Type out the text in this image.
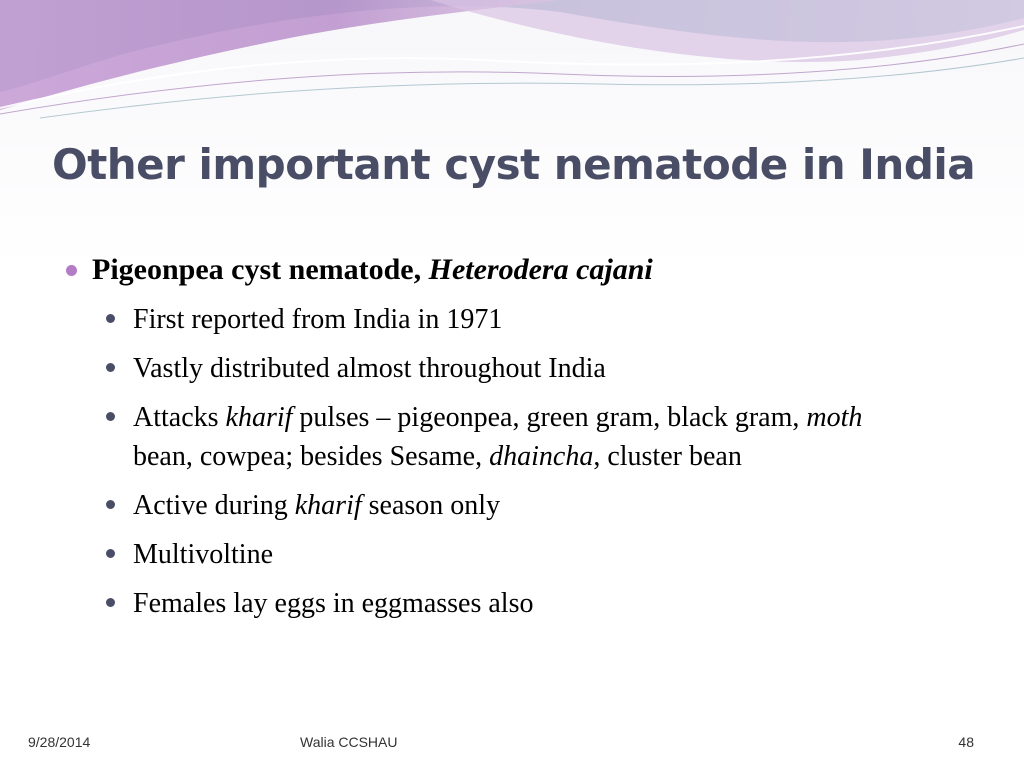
Other important cyst nematode in India
Pigeonpea cyst nematode, Heterodera cajani
First reported from India in 1971
Vastly distributed almost throughout India
Attacks kharif pulses – pigeonpea, green gram, black gram, moth bean, cowpea; besides Sesame, dhaincha, cluster bean
Active during kharif season only
Multivoltine
Females lay eggs in eggmasses also
9/28/2014	Walia CCSHAU	48
